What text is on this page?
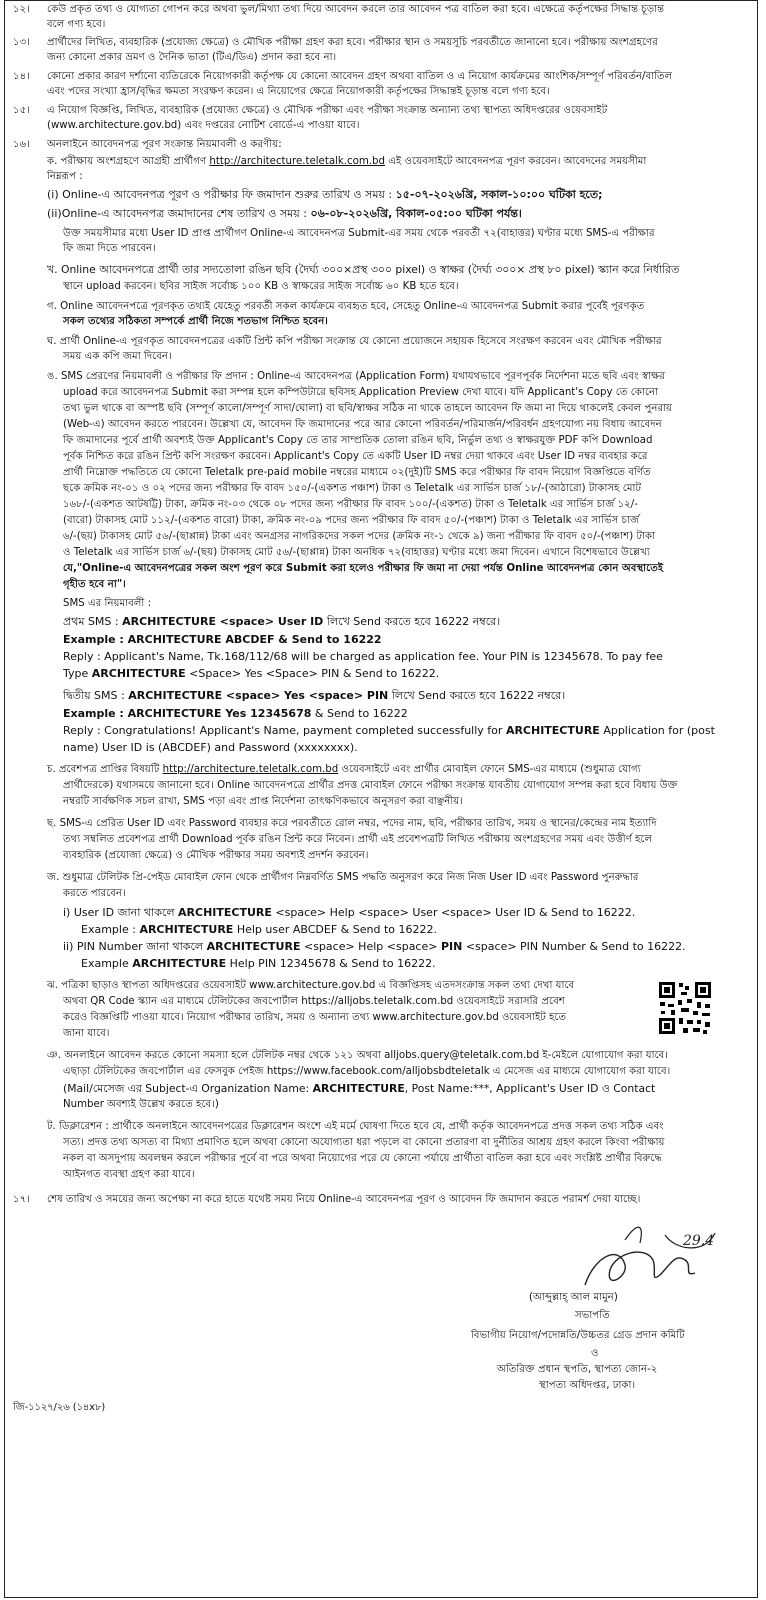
১২। কেউ প্রকৃত তথ্য ও যোগ্যতা গোপন করে অথবা ভুল/মিথ্যা তথ্য দিয়ে আবেদন করলে তার আবেদন পত্র বাতিল করা হবে। এক্ষেত্রে কর্তৃপক্ষের সিদ্ধান্ত চূড়ান্ত
বলে গণ্য হবে।
১৩। প্রার্থীদের লিখিত, ব্যবহারিক (প্রযোজ্য ক্ষেত্রে) ও মৌখিক পরীক্ষা গ্রহণ করা হবে। পরীক্ষার স্থান ও সময়সূচি পরবর্তীতে জানানো হবে। পরীক্ষায় অংশগ্রহণের
জন্য কোনো প্রকার ভ্রমণ ও দৈনিক ভাতা (টিএ/ডিএ) প্রদান করা হবে না।
১৪। কোনো প্রকার কারণ দর্শানো ব্যতিরেকে নিয়োগকারী কর্তৃপক্ষ যে কোনো আবেদন গ্রহণ অথবা বাতিল ও এ নিয়োগ কার্যক্রমের আংশিক/সম্পূর্ণ পরিবর্তন/বাতিল
এবং পদের সংখ্যা হ্রাস/বৃদ্ধির ক্ষমতা সংরক্ষণ করেন। এ নিয়োগের ক্ষেত্রে নিয়োগকারী কর্তৃপক্ষের সিদ্ধান্তই চূড়ান্ত বলে গণ্য হবে।
১৫। এ নিয়োগ বিজ্ঞপ্তি, লিখিত, ব্যবহারিক (প্রযোজ্য ক্ষেত্রে) ও মৌখিক পরীক্ষা এবং পরীক্ষা সংক্রান্ত অন্যান্য তথ্য স্থাপত্য অধিদপ্তরের ওয়েবসাইট
(www.architecture.gov.bd) এবং দপ্তরের নোটিশ বোর্ডে-এ পাওয়া যাবে।
১৬। অনলাইনে আবেদনপত্র পূরণ সংক্রান্ত নিয়মাবলী ও করণীয়:
ক. পরীক্ষায় অংশগ্রহণে আগ্রহী প্রার্থীগণ http://architecture.teletalk.com.bd এই ওয়েবসাইটে আবেদনপত্র পূরণ করবেন। আবেদনের সময়সীমা
নিম্নরূপ :
(i) Online-এ আবেদনপত্র পূরণ ও পরীক্ষার ফি জমাদান শুরুর তারিখ ও সময় : ১৫-০৭-২০২৬খ্রি, সকাল-১০:০০ ঘটিকা হতে;
(ii)Online-এ আবেদনপত্র জমাদানের শেষ তারিখ ও সময় : ০৬-০৮-২০২৬খ্রি, বিকাল-০৫:০০ ঘটিকা পর্যন্ত।
উক্ত সময়সীমার মধ্যে User ID প্রাপ্ত প্রার্থীগণ Online-এ আবেদনপত্র Submit-এর সময় থেকে পরবর্তী ৭২(বাহাত্তর) ঘণ্টার মধ্যে SMS-এ পরীক্ষার
ফি জমা দিতে পারবেন।
খ. Online আবেদনপত্রে প্রার্থী তার সদ্যতোলা রঙিন ছবি (দৈর্ঘ্য ৩০০×প্রস্থ ৩০০ pixel) ও স্বাক্ষর (দৈর্ঘ্য ৩০০× প্রস্থ ৮০ pixel) স্ক্যান করে নির্ধারিত
স্থানে upload করবেন। ছবির সাইজ সর্বোচ্চ ১০০ KB ও স্বাক্ষরের সাইজ সর্বোচ্চ ৬০ KB হতে হবে।
গ. Online আবেদনপত্রে পূরণকৃত তথ্যই যেহেতু পরবর্তী সকল কার্যক্রমে ব্যবহৃত হবে, সেহেতু Online-এ আবেদনপত্র Submit করার পূর্বেই পূরণকৃত
সকল তথ্যের সঠিকতা সম্পর্কে প্রার্থী নিজে শতভাগ নিশ্চিত হবেন।
ঘ. প্রার্থী Online-এ পূরণকৃত আবেদনপত্রের একটি প্রিন্ট কপি পরীক্ষা সংক্রান্ত যে কোনো প্রয়োজনে সহায়ক হিসেবে সংরক্ষণ করবেন এবং মৌখিক পরীক্ষার
সময় এক কপি জমা দিবেন।
ঙ. SMS প্রেরণের নিয়মাবলী ও পরীক্ষার ফি প্রদান : Online-এ আবেদনপত্র (Application Form) যথাযথভাবে পূরণপূর্বক নির্দেশনা মতে ছবি এবং স্বাক্ষর
upload করে আবেদনপত্র Submit করা সম্পন্ন হলে কম্পিউটারে ছবিসহ Application Preview দেখা যাবে। যদি Applicant's Copy তে কোনো
তথ্য ভুল থাকে বা অস্পষ্ট ছবি (সম্পূর্ণ কালো/সম্পূর্ণ সাদা/ঘোলা) বা ছবি/স্বাক্ষর সঠিক না থাকে তাহলে আবেদন ফি জমা না দিয়ে থাকলেই কেবল পুনরায়
(Web-এ) আবেদন করতে পারবেন। উল্লেখ্য যে, আবেদন ফি জমাদানের পরে আর কোনো পরিবর্তন/পরিমার্জন/পরিবর্ধন গ্রহণযোগ্য নয় বিধায় আবেদন
ফি জমাদানের পূর্বে প্রার্থী অবশ্যই উক্ত Applicant's Copy তে তার সাম্প্রতিক তোলা রঙিন ছবি, নির্ভুল তথ্য ও স্বাক্ষরযুক্ত PDF কপি Download
পূর্বক নিশ্চিত করে রঙিন প্রিন্ট কপি সংরক্ষণ করবেন। Applicant's Copy তে একটি User ID নম্বর দেয়া থাকবে এবং User ID নম্বর ব্যবহার করে
প্রার্থী নিম্নোক্ত পদ্ধতিতে যে কোনো Teletalk pre-paid mobile নম্বরের মাধ্যমে ০২(দুই)টি SMS করে পরীক্ষার ফি বাবদ নিয়োগ বিজ্ঞপ্তিতে বর্ণিত
ছকে ক্রমিক নং-০১ ও ০২ পদের জন্য পরীক্ষার ফি বাবদ ১৫০/-(একশত পঞ্চাশ) টাকা ও Teletalk এর সার্ভিস চার্জ ১৮/-(আঠারো) টাকাসহ মোট
১৬৮/-(একশত আটষট্টি) টাকা, ক্রমিক নং-০৩ থেকে ০৮ পদের জন্য পরীক্ষার ফি বাবদ ১০০/-(একশত) টাকা ও Teletalk এর সার্ভিস চার্জ ১২/-
(বারো) টাকাসহ মোট ১১২/-(একশত বারো) টাকা, ক্রমিক নং-০৯ পদের জন্য পরীক্ষার ফি বাবদ ৫০/-(পঞ্চাশ) টাকা ও Teletalk এর সার্ভিস চার্জ
৬/-(ছয়) টাকাসহ মোট ৫৬/-(ছাপ্পান্ন) টাকা এবং অনগ্রসর নাগরিকদের সকল পদের (ক্রমিক নং-১ থেকে ৯) জন্য পরীক্ষার ফি বাবদ ৫০/-(পঞ্চাশ) টাকা
ও Teletalk এর সার্ভিস চার্জ ৬/-(ছয়) টাকাসহ মোট ৫৬/-(ছাপ্পান্ন) টাকা অনধিক ৭২(বাহাত্তর) ঘণ্টার মধ্যে জমা দিবেন। এখানে বিশেষভাবে উল্লেখ্য
যে,"Online-এ আবেদনপত্রের সকল অংশ পূরণ করে Submit করা হলেও পরীক্ষার ফি জমা না দেয়া পর্যন্ত Online আবেদনপত্র কোন অবস্থাতেই
গৃহীত হবে না"।
SMS এর নিয়মাবলী :
প্রথম SMS : ARCHITECTURE <space> User ID লিখে Send করতে হবে 16222 নম্বরে।
Example : ARCHITECTURE ABCDEF & Send to 16222
Reply : Applicant's Name, Tk.168/112/68 will be charged as application fee. Your PIN is 12345678. To pay fee
Type ARCHITECTURE <Space> Yes <Space> PIN & Send to 16222.
দ্বিতীয় SMS : ARCHITECTURE <space> Yes <space> PIN লিখে Send করতে হবে 16222 নম্বরে।
Example : ARCHITECTURE Yes 12345678 & Send to 16222
Reply : Congratulations! Applicant's Name, payment completed successfully for ARCHITECTURE Application for (post
name) User ID is (ABCDEF) and Password (xxxxxxxx).
চ. প্রবেশপত্র প্রাপ্তির বিষয়টি http://architecture.teletalk.com.bd ওয়েবসাইটে এবং প্রার্থীর মোবাইল ফোনে SMS-এর মাধ্যমে (শুধুমাত্র যোগ্য
প্রার্থীদেরকে) যথাসময়ে জানানো হবে। Online আবেদনপত্রে প্রার্থীর প্রদত্ত মোবাইল ফোনে পরীক্ষা সংক্রান্ত যাবতীয় যোগাযোগ সম্পন্ন করা হবে বিধায় উক্ত
নম্বরটি সার্বক্ষণিক সচল রাখা, SMS পড়া এবং প্রাপ্ত নির্দেশনা তাৎক্ষণিকভাবে অনুসরণ করা বাঞ্ছনীয়।
ছ. SMS-এ প্রেরিত User ID এবং Password ব্যবহার করে পরবর্তীতে রোল নম্বর, পদের নাম, ছবি, পরীক্ষার তারিখ, সময় ও স্থানের/কেন্দ্রের নাম ইত্যাদি
তথ্য সম্বলিত প্রবেশপত্র প্রার্থী Download পূর্বক রঙিন প্রিন্ট করে নিবেন। প্রার্থী এই প্রবেশপত্রটি লিখিত পরীক্ষায় অংশগ্রহণের সময় এবং উত্তীর্ণ হলে
ব্যবহারিক (প্রযোজ্য ক্ষেত্রে) ও মৌখিক পরীক্ষার সময় অবশ্যই প্রদর্শন করবেন।
জ. শুধুমাত্র টেলিটক প্রি-পেইড মোবাইল ফোন থেকে প্রার্থীগণ নিম্নবর্ণিত SMS পদ্ধতি অনুসরণ করে নিজ নিজ User ID এবং Password পুনরুদ্ধার
করতে পারবেন।
i) User ID জানা থাকলে ARCHITECTURE <space> Help <space> User <space> User ID & Send to 16222.
Example : ARCHITECTURE Help user ABCDEF & Send to 16222.
ii) PIN Number জানা থাকলে ARCHITECTURE <space> Help <space> PIN <space> PIN Number & Send to 16222.
Example ARCHITECTURE Help PIN 12345678 & Send to 16222.
ঝ. পত্রিকা ছাড়াও স্থাপত্য অধিদপ্তরের ওয়েবসাইট www.architecture.gov.bd এ বিজ্ঞপ্তিসহ এতদসংক্রান্ত সকল তথ্য দেখা যাবে
অথবা QR Code স্ক্যান এর মাধ্যমে টেলিটকের জবপোর্টাল https://alljobs.teletalk.com.bd ওয়েবসাইটে সরাসরি প্রবেশ
করেও বিজ্ঞপ্তিটি পাওয়া যাবে। নিয়োগ পরীক্ষার তারিখ, সময় ও অন্যান্য তথ্য www.architecture.gov.bd ওয়েবসাইট হতে
জানা যাবে।
ঞ. অনলাইনে আবেদন করতে কোনো সমস্যা হলে টেলিটক নম্বর থেকে ১২১ অথবা alljobs.query@teletalk.com.bd ই-মেইলে যোগাযোগ করা যাবে।
এছাড়া টেলিটকের জবপোর্টাল এর ফেসবুক পেইজ https://www.facebook.com/alljobsbdteletalk এ মেসেজ এর মাধ্যমে যোগাযোগ করা যাবে।
(Mail/মেসেজ এর Subject-এ Organization Name: ARCHITECTURE, Post Name:***, Applicant's User ID ও Contact
Number অবশ্যই উল্লেখ করতে হবে।)
ট. ডিক্লারেশন : প্রার্থীকে অনলাইনে আবেদনপত্রের ডিক্লারেশন অংশে এই মর্মে ঘোষণা দিতে হবে যে, প্রার্থী কর্তৃক আবেদনপত্রে প্রদত্ত সকল তথ্য সঠিক এবং
সত্য। প্রদত্ত তথ্য অসত্য বা মিথ্যা প্রমাণিত হলে অথবা কোনো অযোগ্যতা ধরা পড়লে বা কোনো প্রতারণা বা দুর্নীতির আশ্রয় গ্রহণ করলে কিংবা পরীক্ষায়
নকল বা অসদুপায় অবলম্বন করলে পরীক্ষার পূর্বে বা পরে অথবা নিয়োগের পরে যে কোনো পর্যায়ে প্রার্থীতা বাতিল করা হবে এবং সংশ্লিষ্ট প্রার্থীর বিরুদ্ধে
আইনগত ব্যবস্থা গ্রহণ করা যাবে।
১৭। শেষ তারিখ ও সময়ের জন্য অপেক্ষা না করে হাতে যথেষ্ট সময় নিয়ে Online-এ আবেদনপত্র পূরণ ও আবেদন ফি জমাদান করতে পরামর্শ দেয়া যাচ্ছে।
29.4
(আব্দুল্লাহ্ আল মামুন)
সভাপতি
বিভাগীয় নিয়োগ/পদোন্নতি/উচ্চতর গ্রেড প্রদান কমিটি
ও
অতিরিক্ত প্রধান স্থপতি, স্থাপত্য জোন-২
স্থাপত্য অধিদপ্তর, ঢাকা।
জি-১১২৭/২৬ (১৪x৮)
